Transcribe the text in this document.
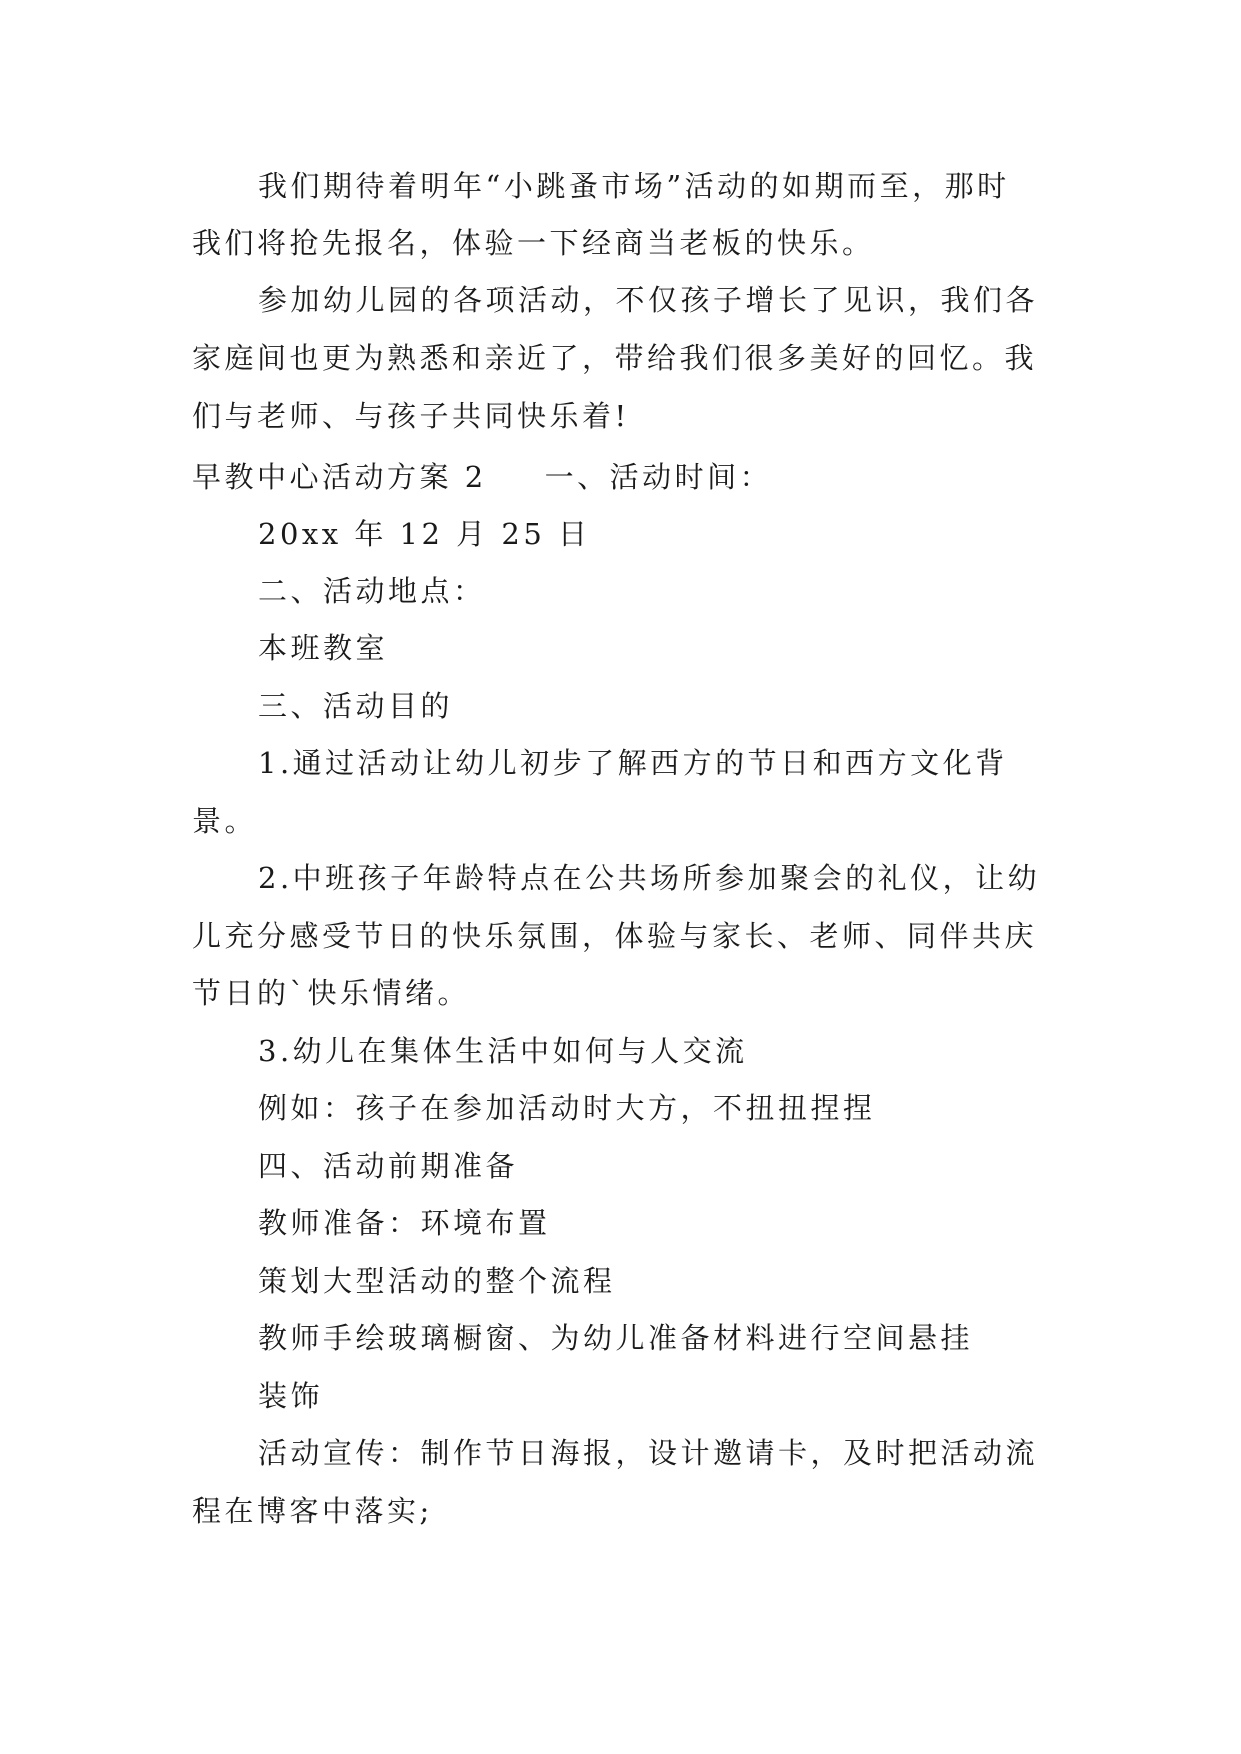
我们期待着明年“小跳蚤市场”活动的如期而至，那时
我们将抢先报名，体验一下经商当老板的快乐。
参加幼儿园的各项活动，不仅孩子增长了见识，我们各
家庭间也更为熟悉和亲近了，带给我们很多美好的回忆。我
们与老师、与孩子共同快乐着!
早教中心活动方案 2 一、活动时间：
20xx 年 12 月 25 日
二、活动地点：
本班教室
三、活动目的
1.通过活动让幼儿初步了解西方的节日和西方文化背
景。
2.中班孩子年龄特点在公共场所参加聚会的礼仪，让幼
儿充分感受节日的快乐氛围，体验与家长、老师、同伴共庆
节日的`快乐情绪。
3.幼儿在集体生活中如何与人交流
例如：孩子在参加活动时大方，不扭扭捏捏
四、活动前期准备
教师准备：环境布置
策划大型活动的整个流程
教师手绘玻璃橱窗、为幼儿准备材料进行空间悬挂
装饰
活动宣传：制作节日海报，设计邀请卡，及时把活动流
程在博客中落实;
